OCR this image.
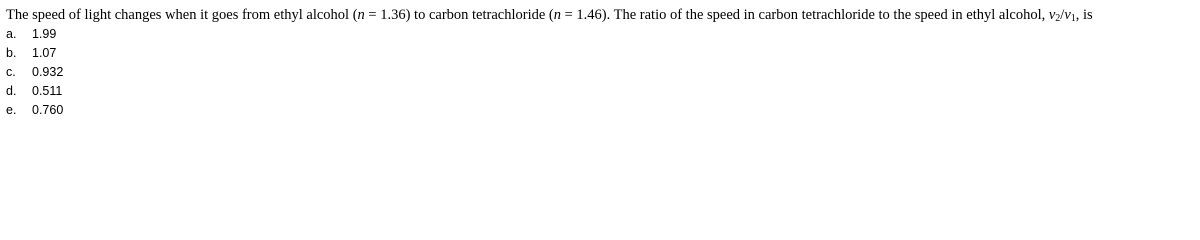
The speed of light changes when it goes from ethyl alcohol (n = 1.36) to carbon tetrachloride (n = 1.46). The ratio of the speed in carbon tetrachloride to the speed in ethyl alcohol, $v_2/v_1$, is
a. 1.99
b. 1.07
c. 0.932
d. 0.511
e. 0.760
